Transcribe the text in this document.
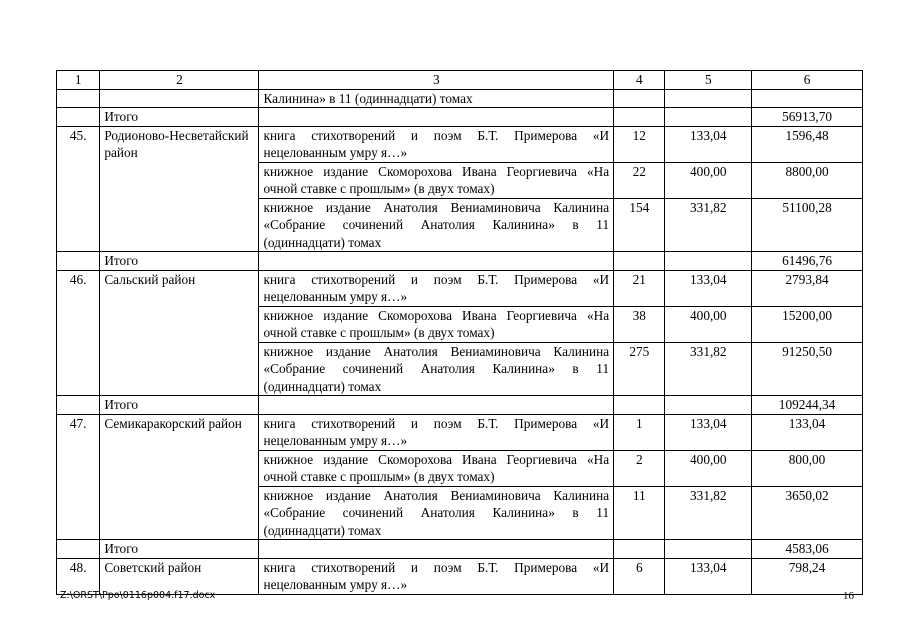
1	2	3	4	5	6
		Калинина» в 11 (одиннадцати) томах			
	Итого				56913,70
45.	Родионово-Несветайский район	книга стихотворений и поэм Б.Т. Примерова «И нецелованным умру я…»	12	133,04	1596,48
		книжное издание Скоморохова Ивана Георгиевича «На очной ставке с прошлым» (в двух томах)	22	400,00	8800,00
		книжное издание Анатолия Вениаминовича Калинина «Собрание сочинений Анатолия Калинина» в 11 (одиннадцати) томах	154	331,82	51100,28
	Итого				61496,76
46.	Сальский район	книга стихотворений и поэм Б.Т. Примерова «И нецелованным умру я…»	21	133,04	2793,84
		книжное издание Скоморохова Ивана Георгиевича «На очной ставке с прошлым» (в двух томах)	38	400,00	15200,00
		книжное издание Анатолия Вениаминовича Калинина «Собрание сочинений Анатолия Калинина» в 11 (одиннадцати) томах	275	331,82	91250,50
	Итого				109244,34
47.	Семикаракорский район	книга стихотворений и поэм Б.Т. Примерова «И нецелованным умру я…»	1	133,04	133,04
		книжное издание Скоморохова Ивана Георгиевича «На очной ставке с прошлым» (в двух томах)	2	400,00	800,00
		книжное издание Анатолия Вениаминовича Калинина «Собрание сочинений Анатолия Калинина» в 11 (одиннадцати) томах	11	331,82	3650,02
	Итого				4583,06
48.	Советский район	книга стихотворений и поэм Б.Т. Примерова «И нецелованным умру я…»	6	133,04	798,24
Z:\ORST\Ppo\0116p004.f17.docx	16
